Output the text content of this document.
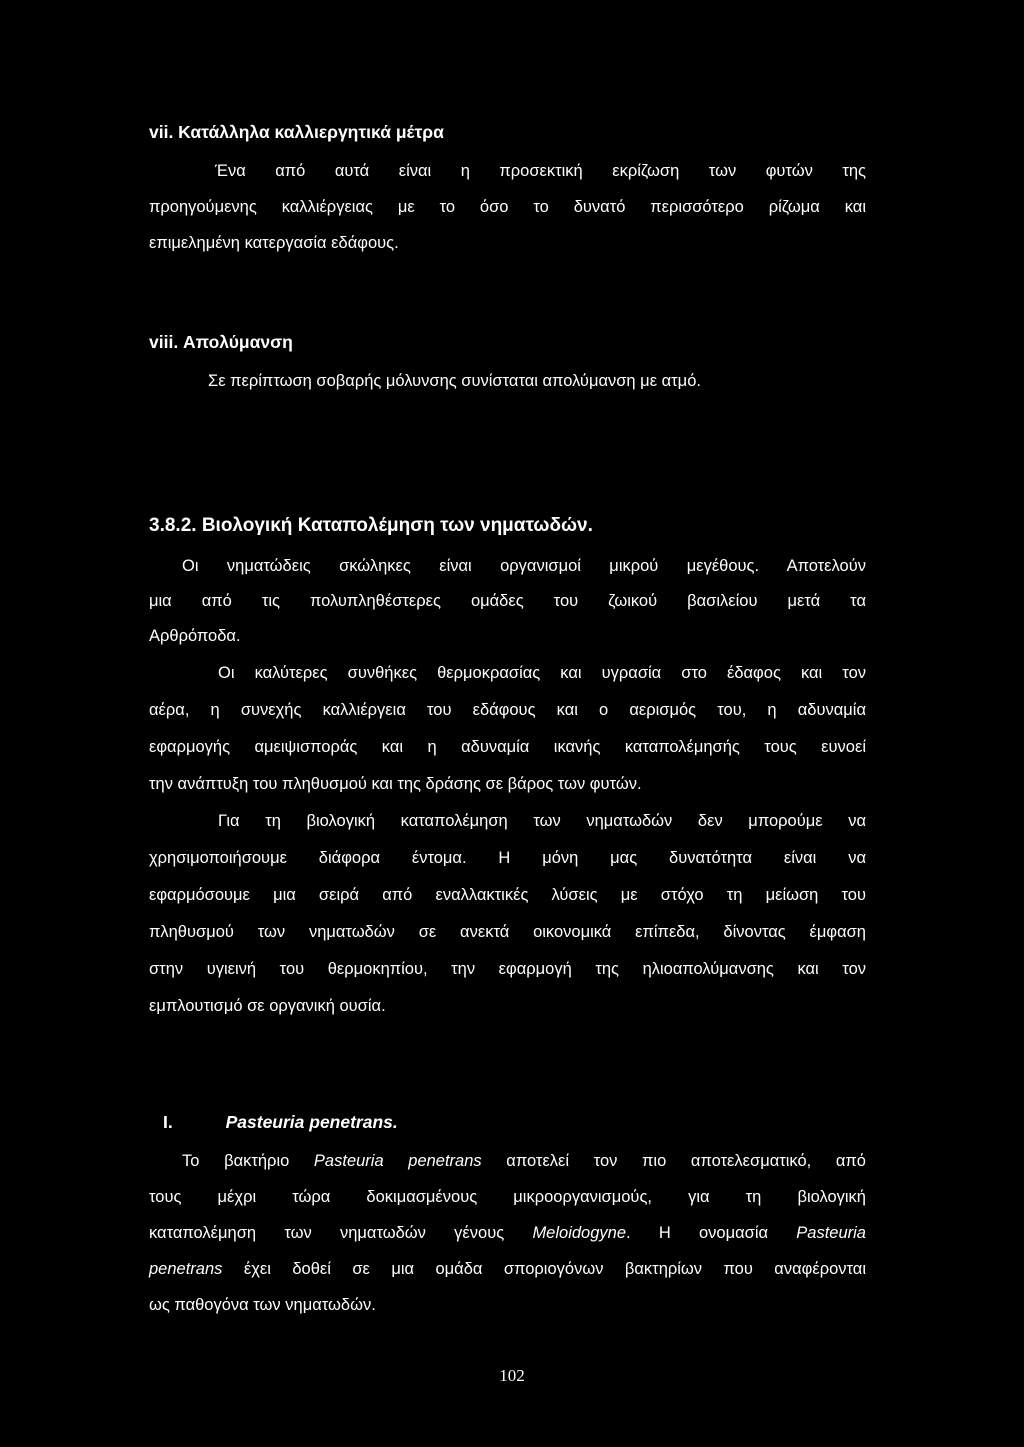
vii. Κατάλληλα καλλιεργητικά μέτρα
Ένα από αυτά είναι η προσεκτική εκρίζωση των φυτών της
προηγούμενης καλλιέργειας με το όσο το δυνατό περισσότερο ρίζωμα και
επιμελημένη κατεργασία εδάφους.
viii. Απολύμανση
Σε περίπτωση σοβαρής μόλυνσης συνίσταται απολύμανση με ατμό.
3.8.2. Βιολογική Καταπολέμηση των νηματωδών.
Οι νηματώδεις σκώληκες είναι οργανισμοί μικρού μεγέθους. Αποτελούν
μια από τις πολυπληθέστερες ομάδες του ζωικού βασιλείου μετά τα
Αρθρόποδα.
Οι καλύτερες συνθήκες θερμοκρασίας και υγρασία στο έδαφος και τον
αέρα, η συνεχής καλλιέργεια του εδάφους και ο αερισμός του, η αδυναμία
εφαρμογής αμειψισποράς και η αδυναμία ικανής καταπολέμησής τους ευνοεί
την ανάπτυξη του πληθυσμού και της δράσης σε βάρος των φυτών.
Για τη βιολογική καταπολέμηση των νηματωδών δεν μπορούμε να
χρησιμοποιήσουμε διάφορα έντομα. Η μόνη μας δυνατότητα είναι να
εφαρμόσουμε μια σειρά από εναλλακτικές λύσεις με στόχο τη μείωση του
πληθυσμού των νηματωδών σε ανεκτά οικονομικά επίπεδα, δίνοντας έμφαση
στην υγιεινή του θερμοκηπίου, την εφαρμογή της ηλιοαπολύμανσης και τον
εμπλουτισμό σε οργανική ουσία.
I.	Pasteuria penetrans.
Το βακτήριο Pasteuria penetrans αποτελεί τον πιο αποτελεσματικό, από
τους μέχρι τώρα δοκιμασμένους μικροοργανισμούς, για τη βιολογική
καταπολέμηση των νηματωδών γένους Meloidogyne. Η ονομασία Pasteuria
penetrans έχει δοθεί σε μια ομάδα σποριογόνων βακτηρίων που αναφέρονται
ως παθογόνα των νηματωδών.
102
